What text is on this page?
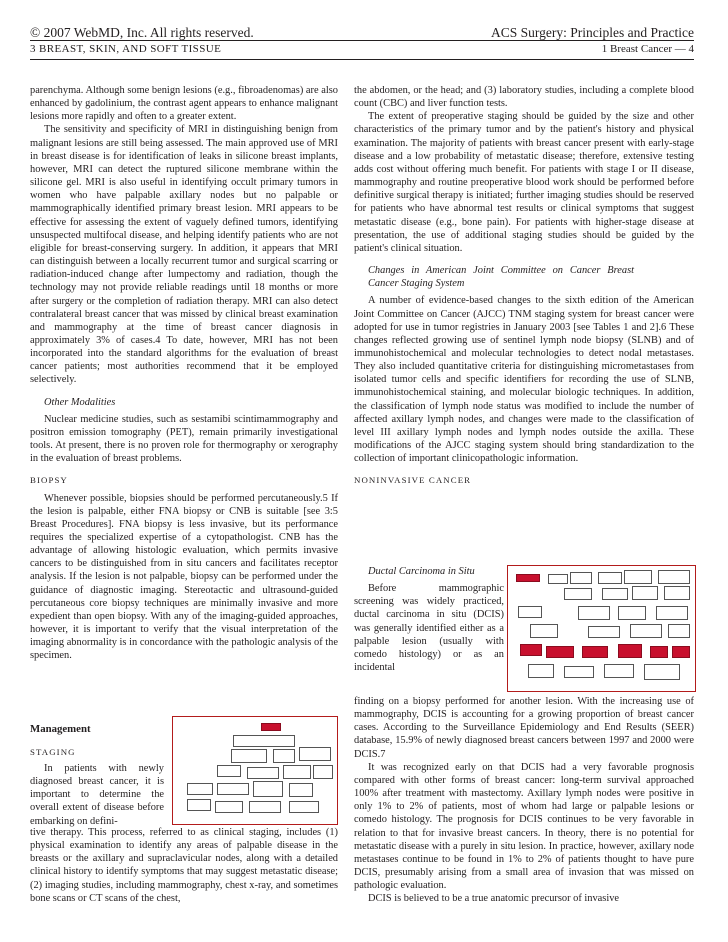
© 2007 WebMD, Inc. All rights reserved.	ACS Surgery: Principles and Practice
3 BREAST, SKIN, AND SOFT TISSUE	1 Breast Cancer — 4

parenchyma. Although some benign lesions (e.g., fibroadenomas) are also enhanced by gadolinium, the contrast agent appears to enhance malignant lesions more rapidly and often to a greater extent.

The sensitivity and specificity of MRI in distinguishing benign from malignant lesions are still being assessed. The main approved use of MRI in breast disease is for identification of leaks in silicone breast implants, however, MRI can detect the ruptured silicone membrane within the silicone gel. MRI is also useful in identifying occult primary tumors in women who have palpable axillary nodes but no palpable or mammographically identified primary breast lesion. MRI appears to be effective for assessing the extent of vaguely defined tumors, identifying unsuspected multifocal disease, and helping identify patients who are not eligible for breast-conserving surgery. In addition, it appears that MRI can distinguish between a locally recurrent tumor and surgical scarring or radiation-induced change after lumpectomy and radiation, though the technology may not provide reliable readings until 18 months or more after surgery or the completion of radiation therapy. MRI can also detect contralateral breast cancer that was missed by clinical breast examination and mammography at the time of breast cancer diagnosis in approximately 3% of cases.4 To date, however, MRI has not been incorporated into the standard algorithms for the evaluation of breast cancer patients; most authorities recommend that it be employed selectively.

Other Modalities

Nuclear medicine studies, such as sestamibi scintimammography and positron emission tomography (PET), remain primarily investigational tools. At present, there is no proven role for thermography or xerography in the evaluation of breast problems.

BIOPSY

Whenever possible, biopsies should be performed percutaneously.5 If the lesion is palpable, either FNA biopsy or CNB is suitable [see 3:5 Breast Procedures]. FNA biopsy is less invasive, but its performance requires the specialized expertise of a cytopathologist. CNB has the advantage of allowing histologic evaluation, which permits invasive cancers to be distinguished from in situ cancers and facilitates receptor analysis. If the lesion is not palpable, biopsy can be performed under the guidance of diagnostic imaging. Stereotactic and ultrasound-guided percutaneous core biopsy techniques are minimally invasive and more expedient than open biopsy. With any of the imaging-guided approaches, however, it is important to verify that the visual interpretation of the imaging abnormality is in concordance with the pathologic analysis of the specimen.

Management

STAGING

In patients with newly diagnosed breast cancer, it is important to determine the overall extent of disease before embarking on defini-

tive therapy. This process, referred to as clinical staging, includes (1) physical examination to identify any areas of palpable disease in the breasts or the axillary and supraclavicular nodes, along with a detailed clinical history to identify symptoms that may suggest metastatic disease; (2) imaging studies, including mammography, chest x-ray, and sometimes bone scans or CT scans of the chest,

the abdomen, or the head; and (3) laboratory studies, including a complete blood count (CBC) and liver function tests.

The extent of preoperative staging should be guided by the size and other characteristics of the primary tumor and by the patient's history and physical examination. The majority of patients with breast cancer present with early-stage disease and a low probability of metastatic disease; therefore, extensive testing adds cost without offering much benefit. For patients with stage I or II disease, mammography and routine preoperative blood work should be performed before definitive surgical therapy is initiated; further imaging studies should be reserved for patients who have abnormal test results or clinical symptoms that suggest metastatic disease (e.g., bone pain). For patients with higher-stage disease at presentation, the use of additional staging studies should be guided by the patient's clinical situation.

Changes in American Joint Committee on Cancer Breast Cancer Staging System

A number of evidence-based changes to the sixth edition of the American Joint Committee on Cancer (AJCC) TNM staging system for breast cancer were adopted for use in tumor registries in January 2003 [see Tables 1 and 2].6 These changes reflected growing use of sentinel lymph node biopsy (SLNB) and of immunohistochemical and molecular technologies to detect nodal metastases. They also included quantitative criteria for distinguishing micrometastases from isolated tumor cells and specific identifiers for recording the use of SLNB, immunohistochemical staining, and molecular biologic techniques. In addition, the classification of lymph node status was modified to include the number of affected axillary lymph nodes, and changes were made to the classification of level III axillary lymph nodes and lymph nodes outside the axilla. These modifications of the AJCC staging system should bring standardization to the collection of important clinicopathologic information.

NONINVASIVE CANCER

Ductal Carcinoma in Situ

Before mammographic screening was widely practiced, ductal carcinoma in situ (DCIS) was generally identified either as a palpable lesion (usually with comedo histology) or as an incidental

finding on a biopsy performed for another lesion. With the increasing use of mammography, DCIS is accounting for a growing proportion of breast cancer cases. According to the Surveillance Epidemiology and End Results (SEER) database, 15.9% of newly diagnosed breast cancers between 1997 and 2000 were DCIS.7

It was recognized early on that DCIS had a very favorable prognosis compared with other forms of breast cancer: long-term survival approached 100% after treatment with mastectomy. Axillary lymph nodes were positive in only 1% to 2% of patients, most of whom had large or palpable lesions or comedo histology. The prognosis for DCIS continues to be very favorable in relation to that for invasive breast cancers. In theory, there is no potential for metastatic disease with a purely in situ lesion. In practice, however, axillary node metastases continue to be found in 1% to 2% of patients thought to have pure DCIS, presumably arising from a small area of invasion that was missed on pathologic evaluation.

DCIS is believed to be a true anatomic precursor of invasive
